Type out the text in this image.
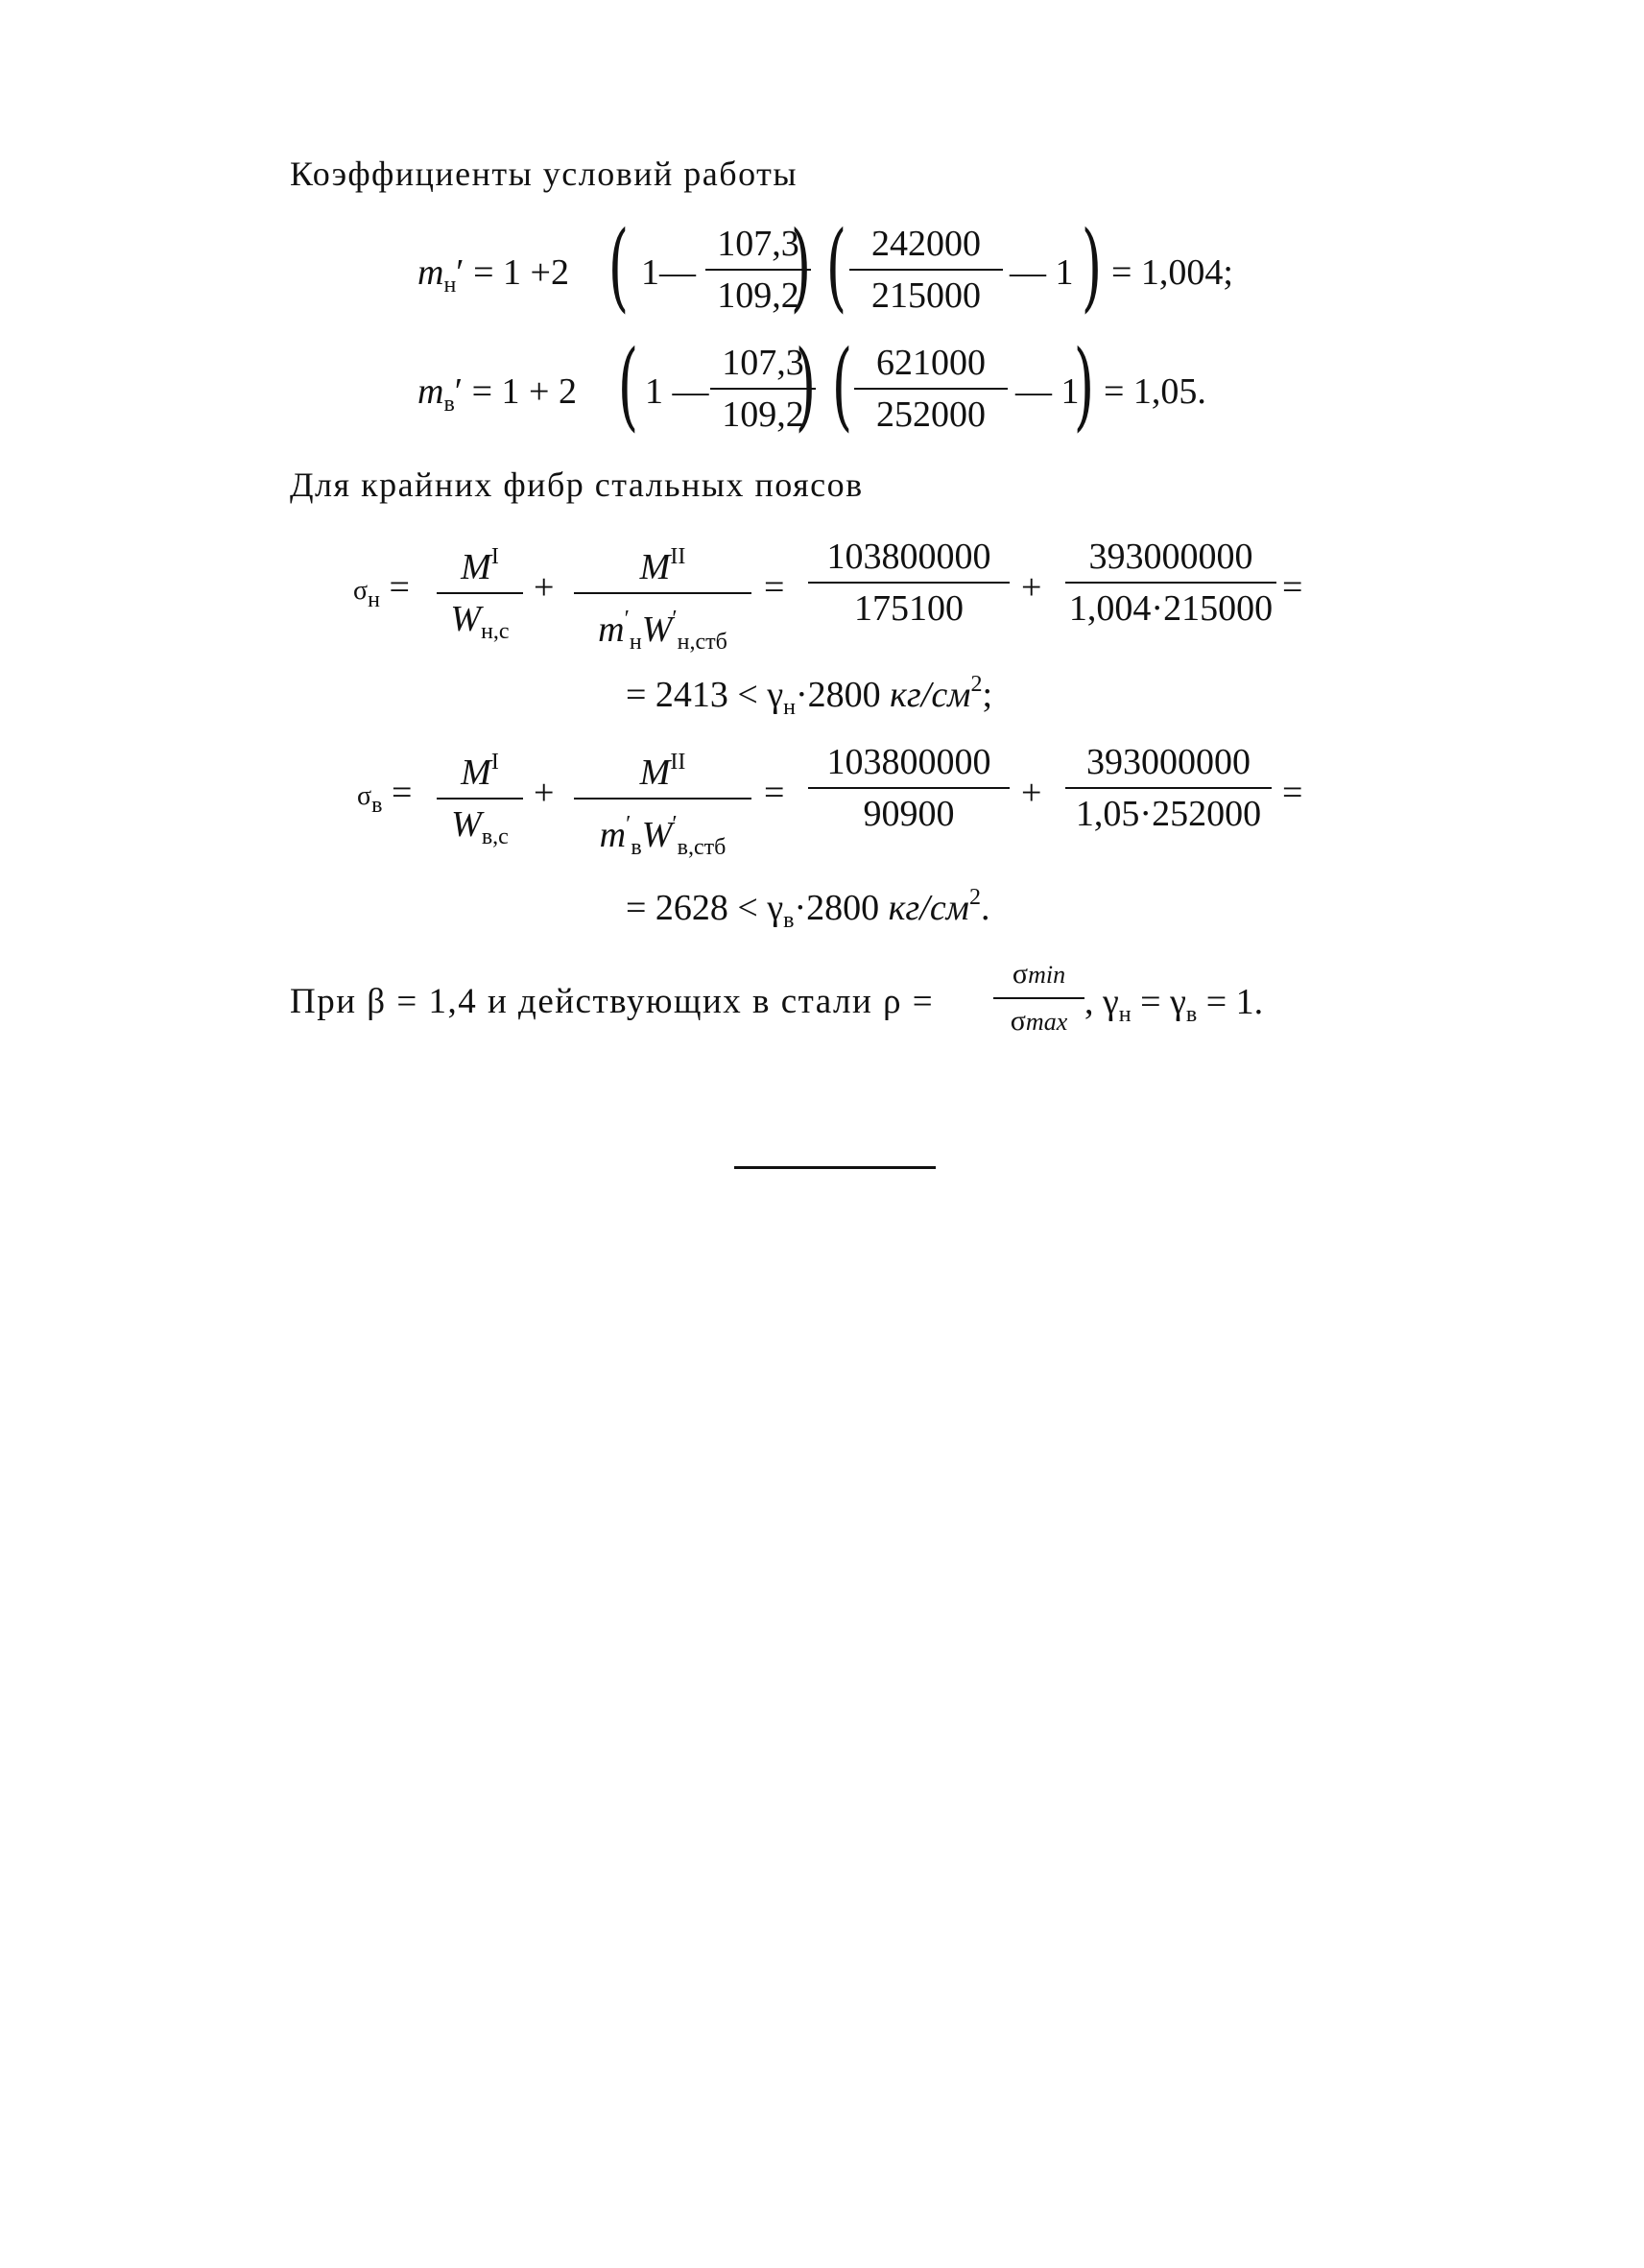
Коэффициенты условий работы
$m_н' = 1 +2$ ( 1—
107,3
109,2
) ( 242000
215000
— 1 ) = 1,004;
$m_в' = 1 + 2$ ( 1 —
107,3
109,2
) ( 621000
252000
— 1
) = 1,05.
Для крайних фибр стальных поясов
$\sigma_н$ =	$M^I$
$W_{н,с}$
+	$M^{II}$
$m'_нW'_{н,стб}$
=
103800000
175100
+
393000000
1,004·215000
=
= $2413 < \gamma_н\cdot 2800$ $кг/см^2$;
$\sigma_в$ =	$M^I$
$W_{в,с}$
+	$M^{II}$
$m'_вW'_{в,стб}$
=
103800000
90900
+
393000000
1,05·252000
=
= $2628 < \gamma_в\cdot 2800$ $кг/см^2$.
При β = 1,4 и действующих в стали ρ =
σmin
σmax , $\gamma_н = \gamma_в = 1$.
